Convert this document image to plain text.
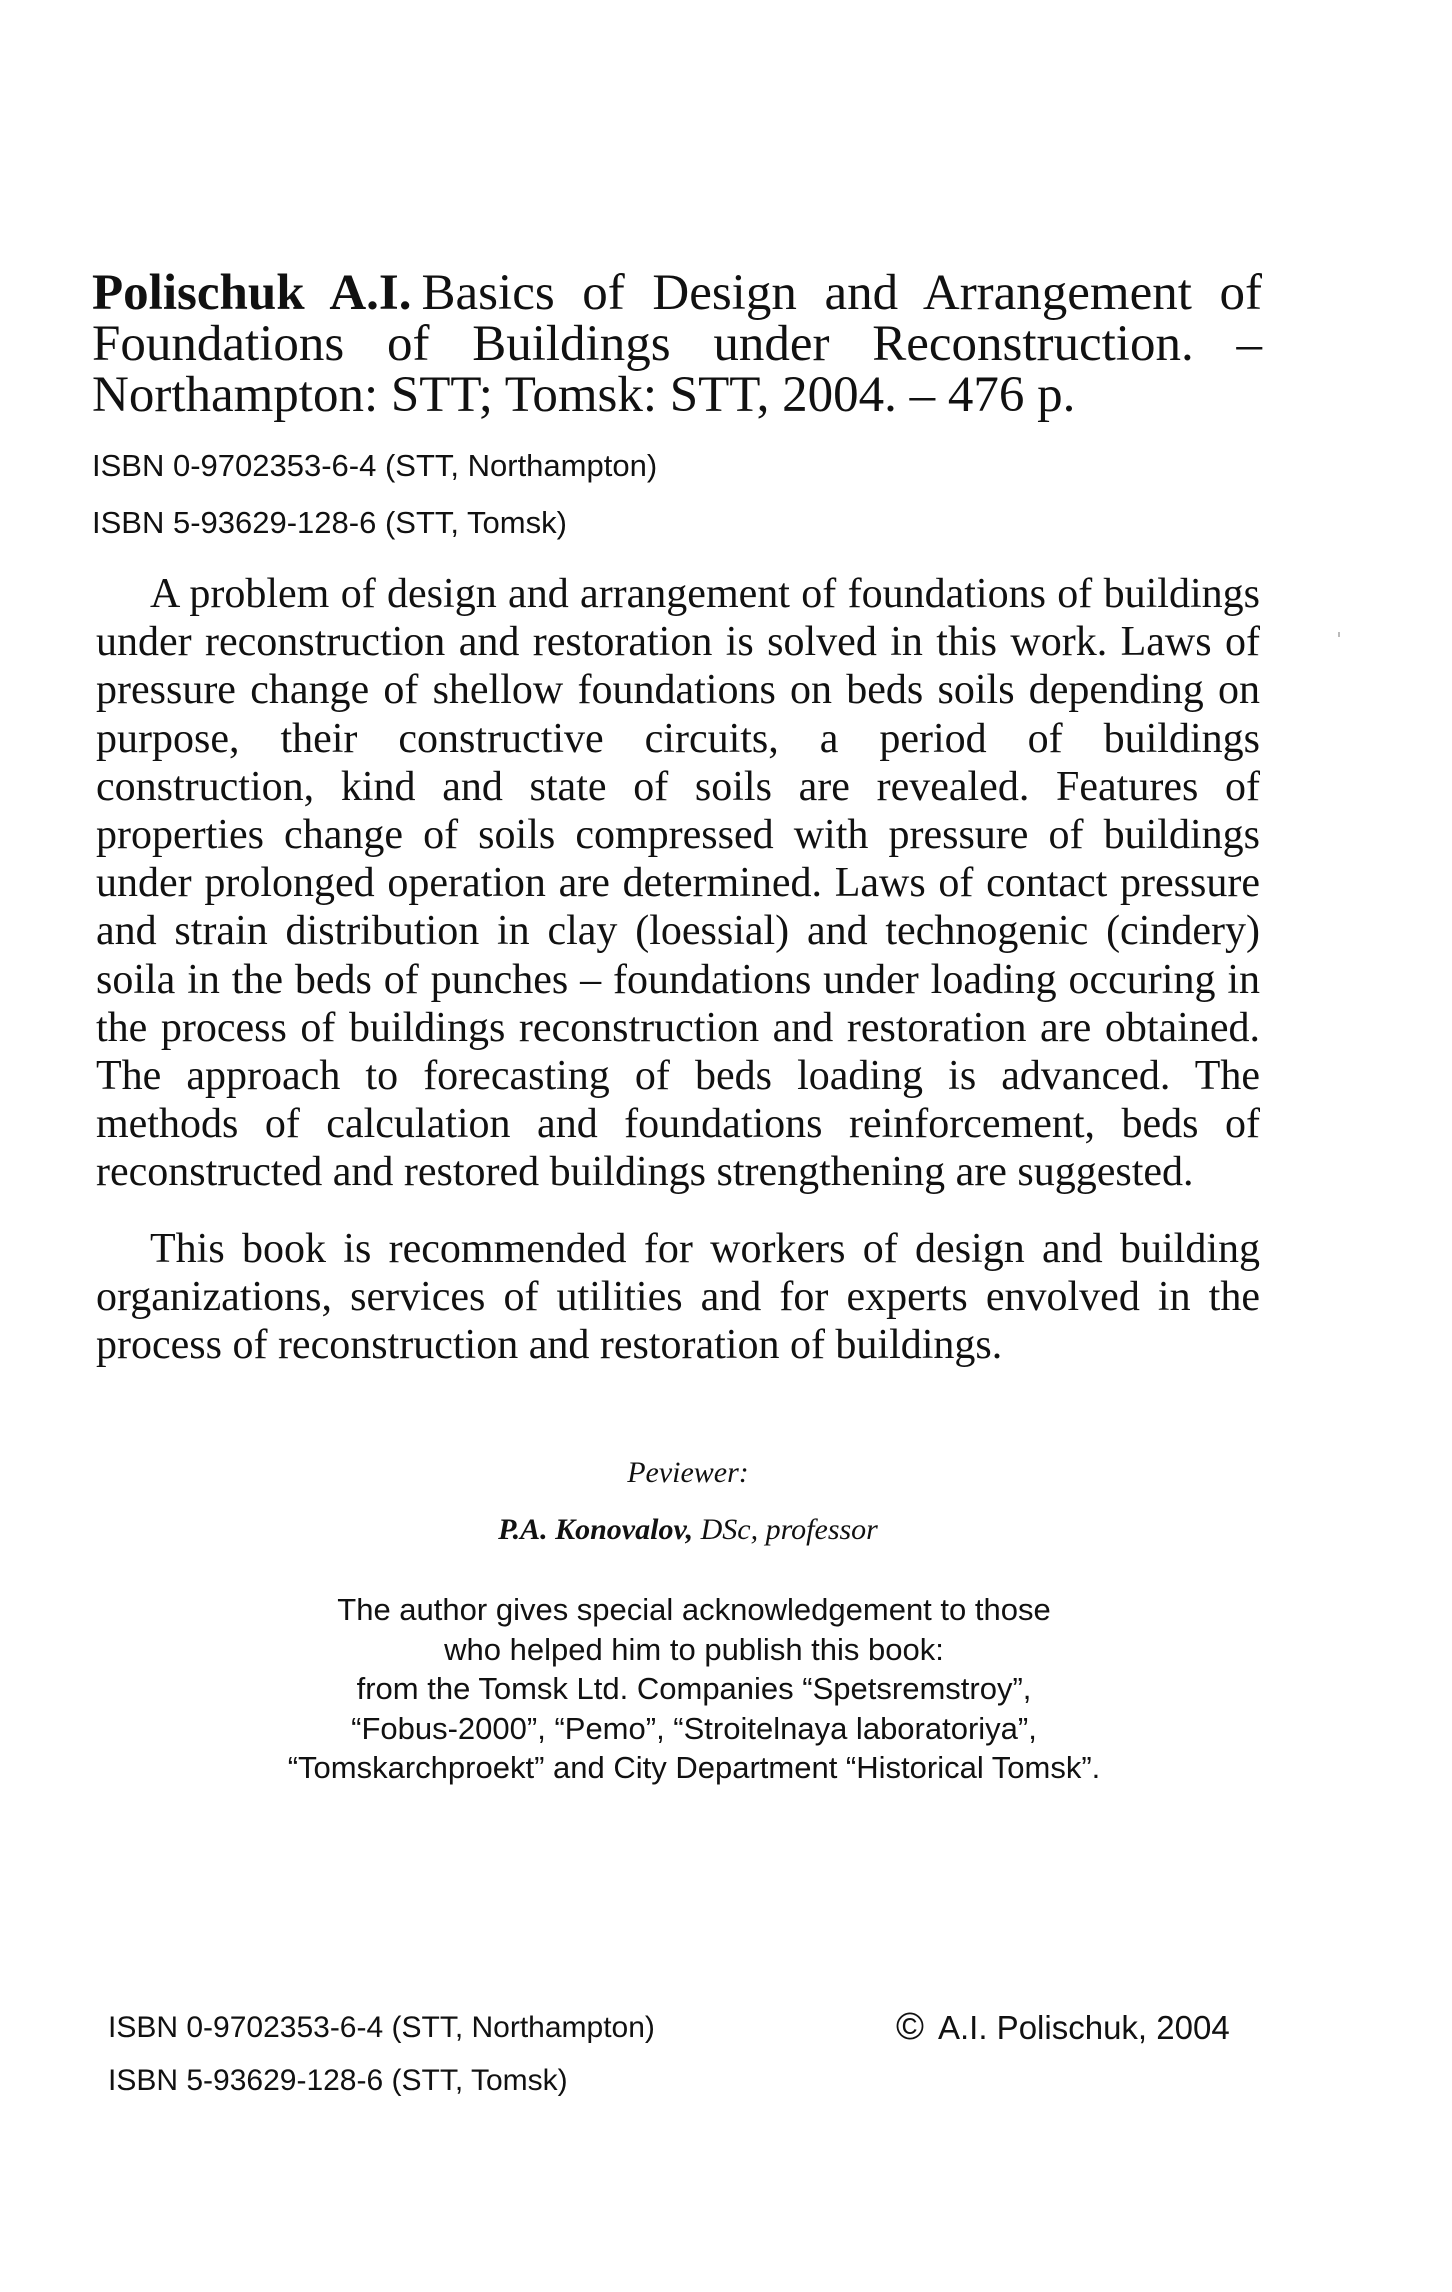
Polischuk A.I. Basics of Design and Arrangement of Foundations of Buildings under Reconstruction. – Northampton: STT; Tomsk: STT, 2004. – 476 p.
ISBN 0-9702353-6-4 (STT, Northampton)
ISBN 5-93629-128-6 (STT, Tomsk)

A problem of design and arrangement of foundations of buildings under reconstruction and restoration is solved in this work. Laws of pressure change of shellow foundations on beds soils depending on purpose, their constructive circuits, a period of buildings construction, kind and state of soils are revealed. Features of properties change of soils compressed with pressure of buildings under prolonged operation are determined. Laws of contact pressure and strain distribution in clay (loessial) and technogenic (cindery) soila in the beds of punches – foundations under loading occuring in the process of buildings reconstruction and restoration are obtained. The approach to forecasting of beds loading is advanced. The methods of calculation and foundations reinforcement, beds of reconstructed and restored buildings strengthening are suggested.

This book is recommended for workers of design and building organizations, services of utilities and for experts envolved in the process of reconstruction and restoration of buildings.

Peviewer:
P.A. Konovalov, DSc, professor
The author gives special acknowledgement to those
who helped him to publish this book:
from the Tomsk Ltd. Companies “Spetsremstroy”,
“Fobus-2000”, “Pemo”, “Stroitelnaya laboratoriya”,
“Tomskarchproekt” and City Department “Historical Tomsk”.
ISBN 0-9702353-6-4 (STT, Northampton)
ISBN 5-93629-128-6 (STT, Tomsk)
© A.I. Polischuk, 2004
